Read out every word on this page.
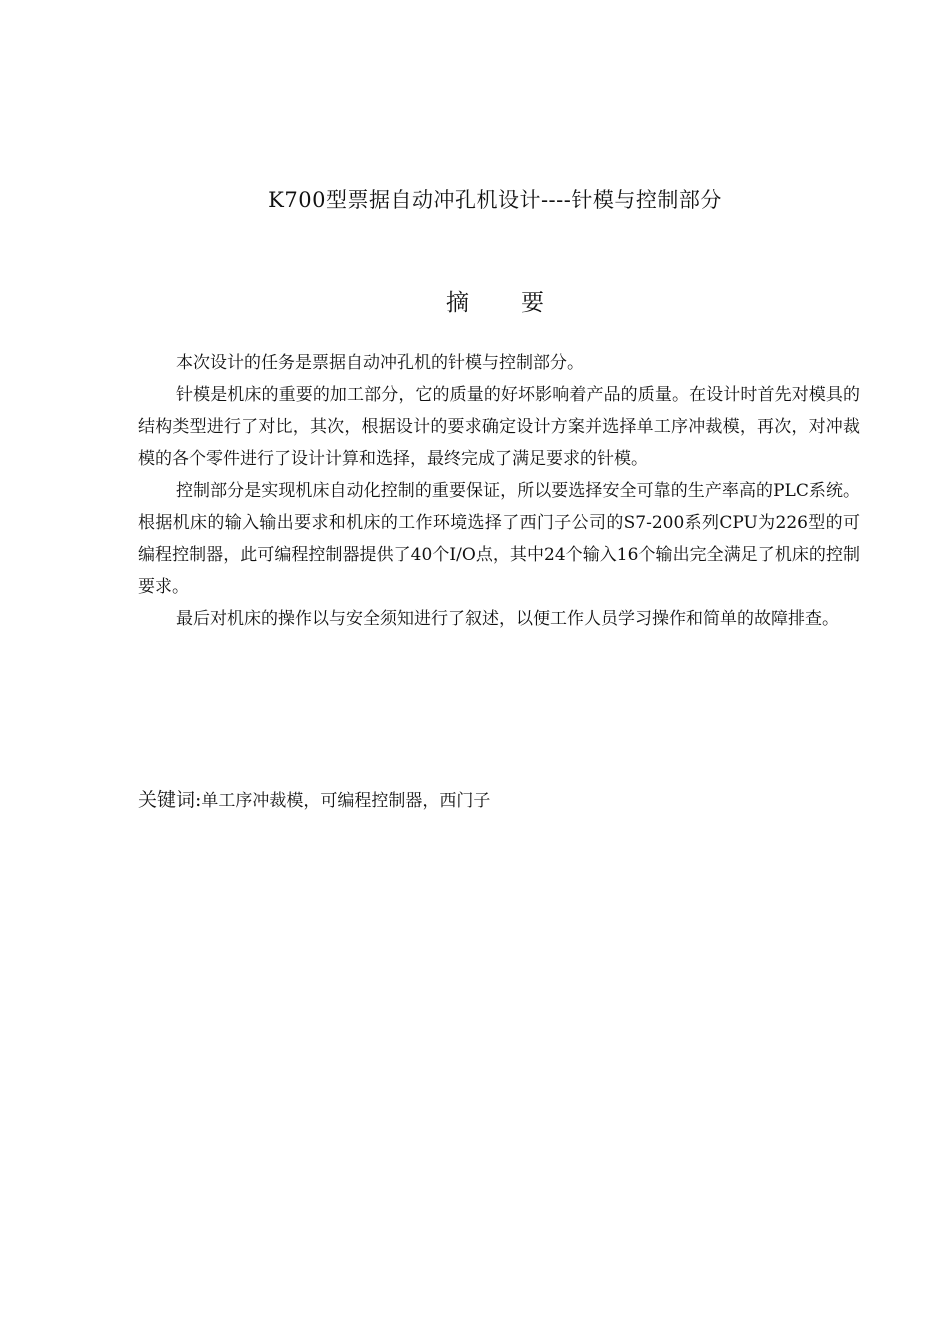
K700型票据自动冲孔机设计----针模与控制部分
摘要

本次设计的任务是票据自动冲孔机的针模与控制部分。

针模是机床的重要的加工部分，它的质量的好坏影响着产品的质量。在设计时首先对模具的结构类型进行了对比，其次，根据设计的要求确定设计方案并选择单工序冲裁模，再次，对冲裁模的各个零件进行了设计计算和选择，最终完成了满足要求的针模。

控制部分是实现机床自动化控制的重要保证，所以要选择安全可靠的生产率高的PLC系统。根据机床的输入输出要求和机床的工作环境选择了西门子公司的S7-200系列CPU为226型的可编程控制器，此可编程控制器提供了40个I/O点，其中24个输入16个输出完全满足了机床的控制要求。

最后对机床的操作以与安全须知进行了叙述，以便工作人员学习操作和简单的故障排查。

关键词:单工序冲裁模，可编程控制器，西门子
